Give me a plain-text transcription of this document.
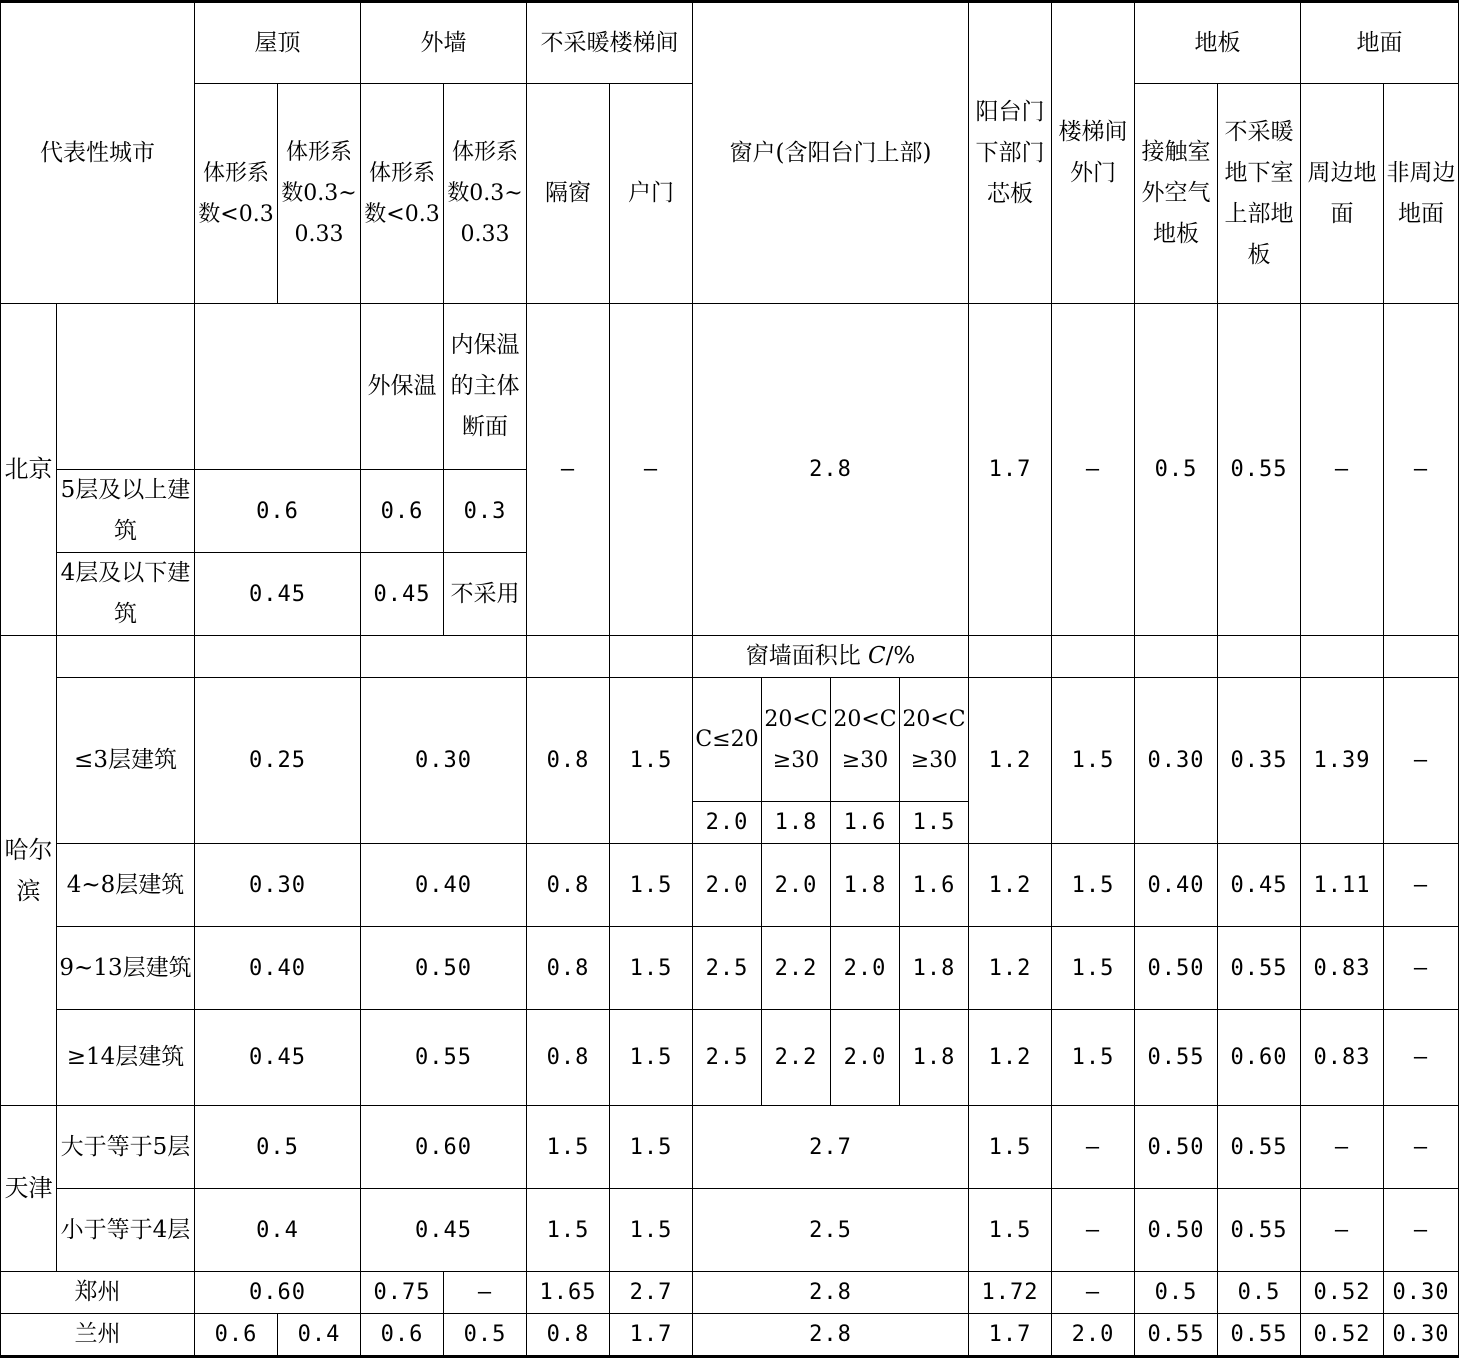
代表性城市		屋顶		外墙		不采暖楼梯间		窗户(含阳台门上部)				阳台门下部门芯板	楼梯间外门	地板		地面	
		体形系数<0.3	体形系数0.3~0.33	体形系数<0.3	体形系数0.3~0.33	隔窗	户门							接触室外空气地板	不采暖地下室上部地板	周边地面	非周边地面
北京				外保温	内保温的主体断面	—	—	2.8				1.7	—	0.5	0.55	—	—
	5层及以上建筑	0.6		0.6	0.3												
	4层及以下建筑	0.45		0.45	不采用												
哈尔滨								窗墙面积比 C/%									
	≤3层建筑	0.25		0.30		0.8	1.5	C≤20	20<C≥30	20<C≥30	20<C≥30	1.2	1.5	0.30	0.35	1.39	—
								2.0	1.8	1.6	1.5						
	4~8层建筑	0.30		0.40		0.8	1.5	2.0	2.0	1.8	1.6	1.2	1.5	0.40	0.45	1.11	—
	9~13层建筑	0.40		0.50		0.8	1.5	2.5	2.2	2.0	1.8	1.2	1.5	0.50	0.55	0.83	—
	≥14层建筑	0.45		0.55		0.8	1.5	2.5	2.2	2.0	1.8	1.2	1.5	0.55	0.60	0.83	—
天津	大于等于5层	0.5		0.60		1.5	1.5	2.7				1.5	—	0.50	0.55	—	—
	小于等于4层	0.4		0.45		1.5	1.5	2.5				1.5	—	0.50	0.55	—	—
郑州		0.60		0.75	—	1.65	2.7	2.8				1.72	—	0.5	0.5	0.52	0.30
兰州		0.6	0.4	0.6	0.5	0.8	1.7	2.8				1.7	2.0	0.55	0.55	0.52	0.30
